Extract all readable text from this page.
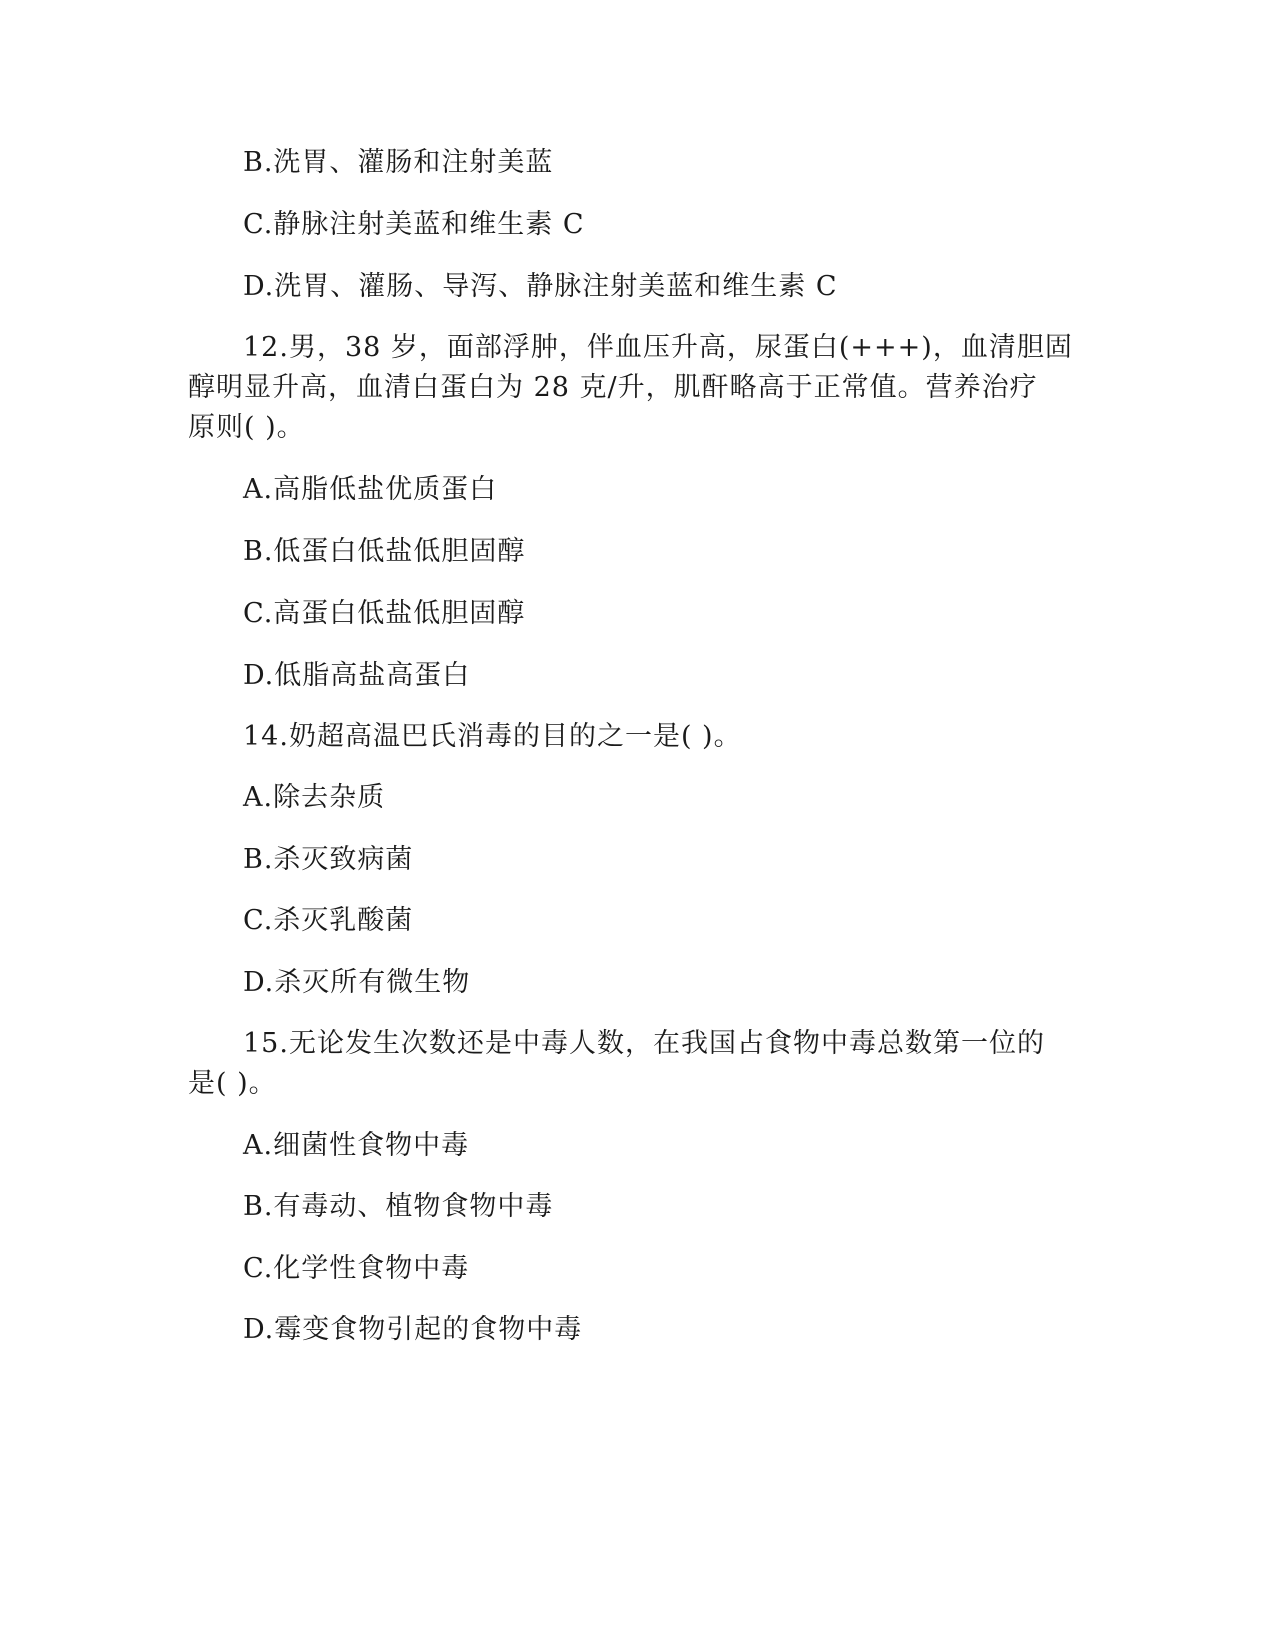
B.洗胃、灌肠和注射美蓝
C.静脉注射美蓝和维生素 C
D.洗胃、灌肠、导泻、静脉注射美蓝和维生素 C
12.男，38 岁，面部浮肿，伴血压升高，尿蛋白(+++)，血清胆固
醇明显升高，血清白蛋白为 28 克/升，肌酐略高于正常值。营养治疗
原则( )。
A.高脂低盐优质蛋白
B.低蛋白低盐低胆固醇
C.高蛋白低盐低胆固醇
D.低脂高盐高蛋白
14.奶超高温巴氏消毒的目的之一是( )。
A.除去杂质
B.杀灭致病菌
C.杀灭乳酸菌
D.杀灭所有微生物
15.无论发生次数还是中毒人数，在我国占食物中毒总数第一位的
是( )。
A.细菌性食物中毒
B.有毒动、植物食物中毒
C.化学性食物中毒
D.霉变食物引起的食物中毒
